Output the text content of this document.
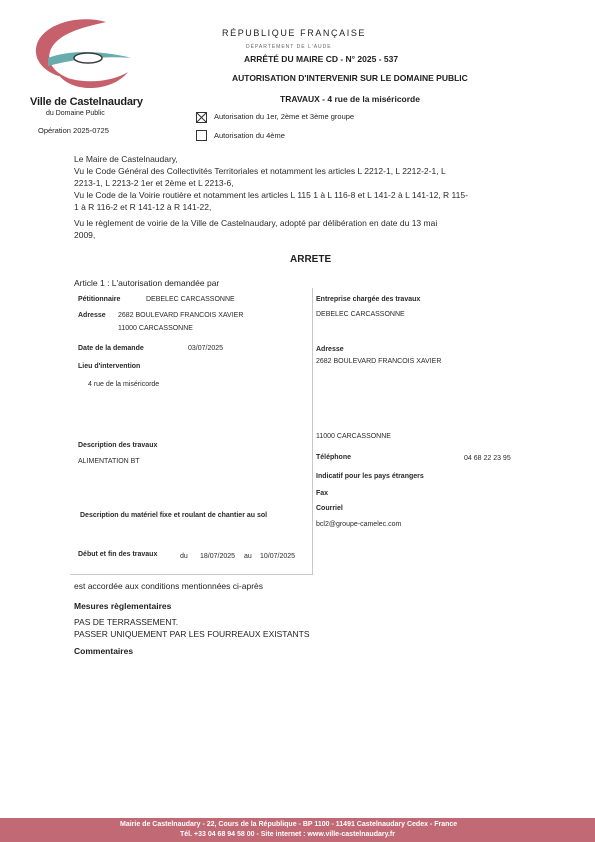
Ville de Castelnaudary
du Domaine Public
Opération 2025-0725
RÉPUBLIQUE FRANÇAISE
DÉPARTEMENT DE L'AUDE
ARRÊTÉ DU MAIRE CD - N° 2025 - 537
AUTORISATION D'INTERVENIR SUR LE DOMAINE PUBLIC
TRAVAUX - 4 rue de la miséricorde
Autorisation du 1er, 2ème et 3ème groupe
Autorisation du 4ème
Le Maire de Castelnaudary,
Vu le Code Général des Collectivités Territoriales et notamment les articles L 2212-1, L 2212-2-1, L
2213-1, L 2213-2 1er et 2ème et L 2213-6,
Vu le Code de la Voirie routière et notamment les articles L 115 1 à L 116-8 et L 141-2 à L 141-12, R 115-
1 à R 116-2 et R 141-12 à R 141-22,
Vu le règlement de voirie de la Ville de Castelnaudary, adopté par délibération en date du 13 mai
2009,
ARRETE
Article 1 : L'autorisation demandée par
Pétitionnaire	DEBELEC CARCASSONNE
Adresse 2682 BOULEVARD FRANCOIS XAVIER
11000 CARCASSONNE
Date de la demande	03/07/2025
Lieu d'intervention
4 rue de la miséricorde
Description des travaux
ALIMENTATION BT
Description du matériel fixe et roulant de chantier au sol
Début et fin des travaux	du 18/07/2025 au 10/07/2025
Entreprise chargée des travaux
DEBELEC CARCASSONNE
Adresse
2682 BOULEVARD FRANCOIS XAVIER
11000 CARCASSONNE
Téléphone	04 68 22 23 95
Indicatif pour les pays étrangers
Fax
Courriel
bcl2@groupe-camelec.com
est accordée aux conditions mentionnées ci-après
Mesures règlementaires
PAS DE TERRASSEMENT.
PASSER UNIQUEMENT PAR LES FOURREAUX EXISTANTS
Commentaires
Mairie de Castelnaudary - 22, Cours de la République - BP 1100 - 11491 Castelnaudary Cedex - France
Tél. +33 04 68 94 58 00 - Site internet : www.ville-castelnaudary.fr
